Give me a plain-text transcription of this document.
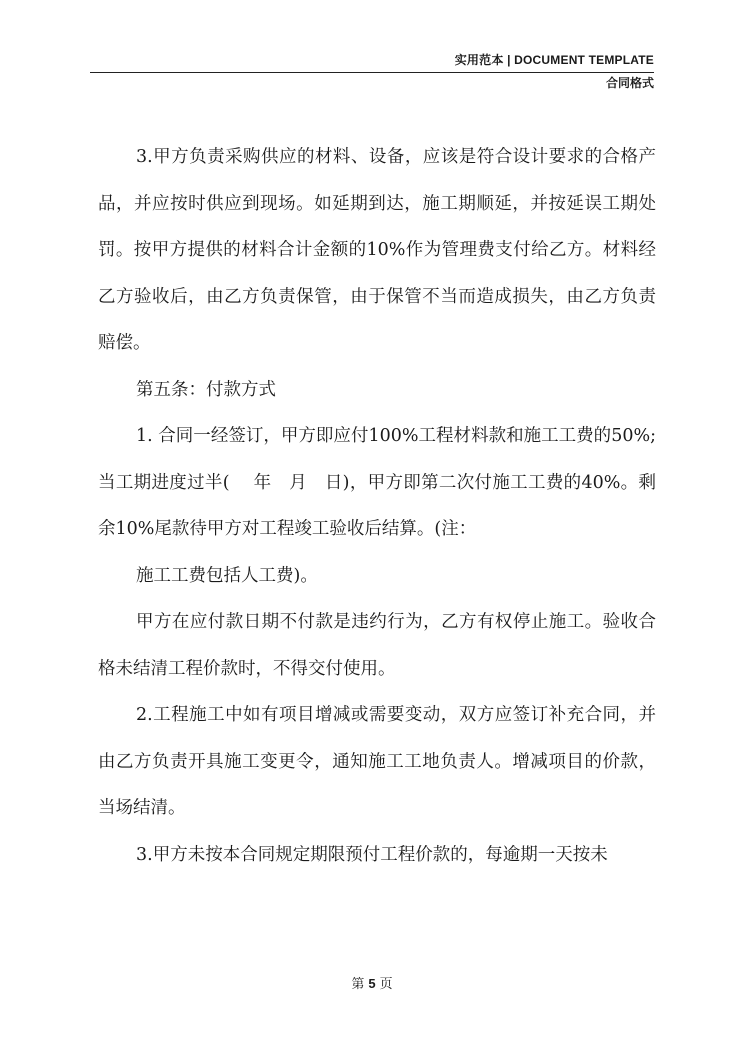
实用范本 | DOCUMENT TEMPLATE
合同格式

3.甲方负责采购供应的材料、设备，应该是符合设计要求的合格产品，并应按时供应到现场。如延期到达，施工期顺延，并按延误工期处罚。按甲方提供的材料合计金额的10%作为管理费支付给乙方。材料经乙方验收后，由乙方负责保管，由于保管不当而造成损失，由乙方负责赔偿。

第五条：付款方式

1. 合同一经签订，甲方即应付100%工程材料款和施工工费的50%;当工期进度过半(　 年　月　日)，甲方即第二次付施工工费的40%。剩余10%尾款待甲方对工程竣工验收后结算。(注：

施工工费包括人工费)。

甲方在应付款日期不付款是违约行为，乙方有权停止施工。验收合格未结清工程价款时，不得交付使用。

2.工程施工中如有项目增减或需要变动，双方应签订补充合同，并由乙方负责开具施工变更令，通知施工工地负责人。增减项目的价款，当场结清。

3.甲方未按本合同规定期限预付工程价款的，每逾期一天按未

第 5 页
